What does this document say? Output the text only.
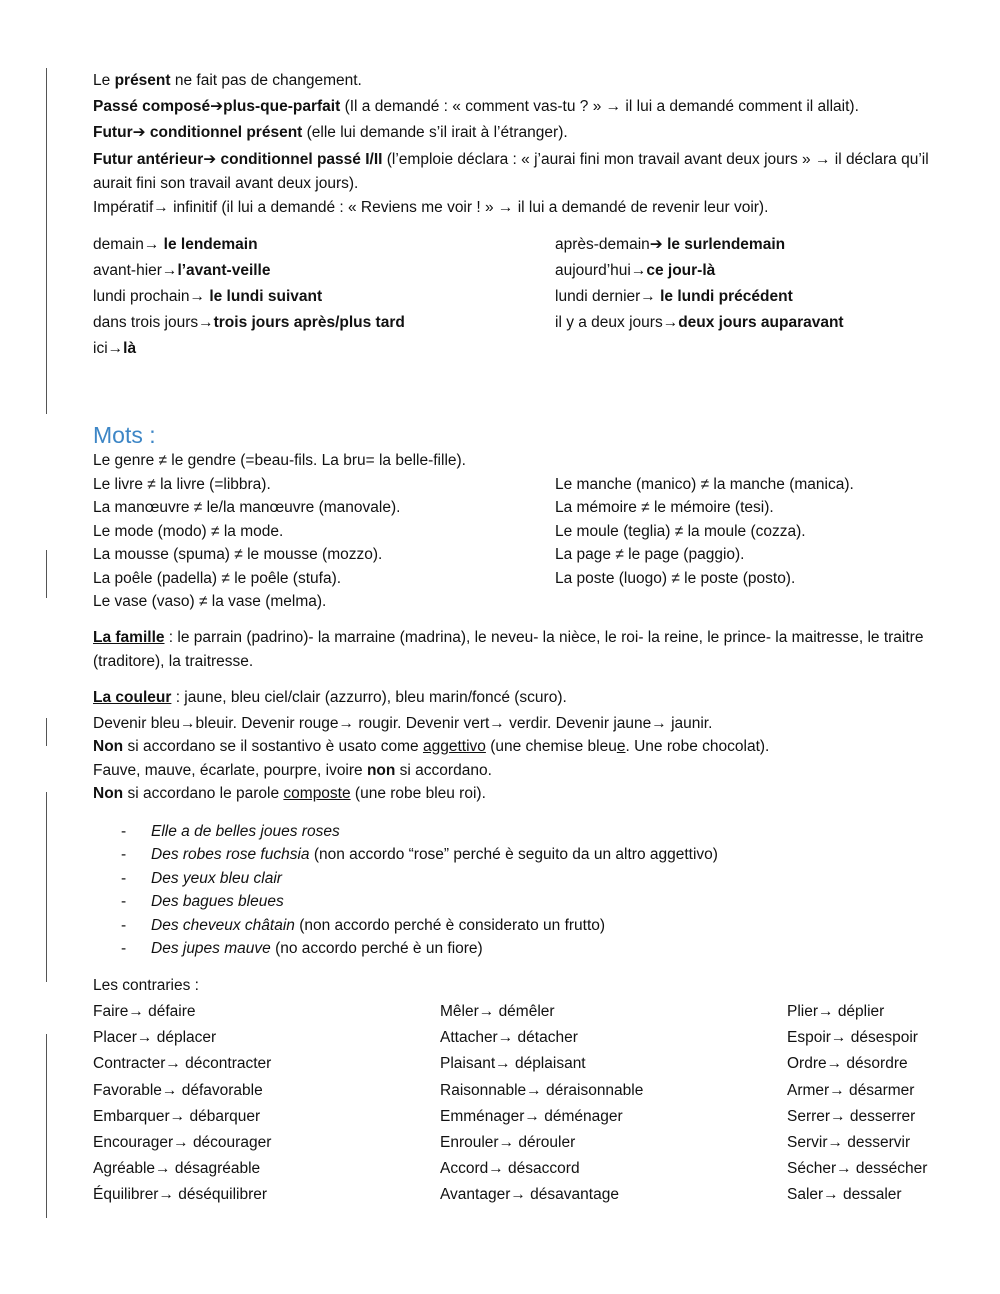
Le présent ne fait pas de changement.

Passé composé➔plus-que-parfait (Il a demandé : « comment vas-tu ? » → il lui a demandé comment il allait).

Futur➔ conditionnel présent (elle lui demande s’il irait à l’étranger).

Futur antérieur➔ conditionnel passé I/II (l’emploie déclara : « j’aurai fini mon travail avant deux jours » → il déclara qu’il aurait fini son travail avant deux jours).

Impératif→ infinitif (il lui a demandé : « Reviens me voir ! » → il lui a demandé de revenir leur voir).

demain→ le lendemain	après-demain➔ le surlendemain
avant-hier→l’avant-veille	aujourd’hui→ce jour-là
lundi prochain→ le lundi suivant	lundi dernier→ le lundi précédent
dans trois jours→trois jours après/plus tard	il y a deux jours→deux jours auparavant
ici→là
Mots :

Le genre ≠ le gendre (=beau-fils. La bru= la belle-fille).

Le livre ≠ la livre (=libbra).	Le manche (manico) ≠ la manche (manica).
La manœuvre ≠ le/la manœuvre (manovale).	La mémoire ≠ le mémoire (tesi).
Le mode (modo) ≠ la mode.	Le moule (teglia) ≠ la moule (cozza).
La mousse (spuma) ≠ le mousse (mozzo).	La page ≠ le page (paggio).
La poêle (padella) ≠ le poêle (stufa).	La poste (luogo) ≠ le poste (posto).
Le vase (vaso) ≠ la vase (melma).

La famille : le parrain (padrino)- la marraine (madrina), le neveu- la nièce, le roi- la reine, le prince- la maitresse, le traitre (traditore), la traitresse.

La couleur : jaune, bleu ciel/clair (azzurro), bleu marin/foncé (scuro).

Devenir bleu→bleuir. Devenir rouge→ rougir. Devenir vert→ verdir. Devenir jaune→ jaunir.

Non si accordano se il sostantivo è usato come aggettivo (une chemise bleue. Une robe chocolat).

Fauve, mauve, écarlate, pourpre, ivoire non si accordano.

Non si accordano le parole composte (une robe bleu roi).

- Elle a de belles joues roses
- Des robes rose fuchsia (non accordo “rose” perché è seguito da un altro aggettivo)
- Des yeux bleu clair
- Des bagues bleues
- Des cheveux châtain (non accordo perché è considerato un frutto)
- Des jupes mauve (no accordo perché è un fiore)

Les contraries :

Faire→ défaire	Mêler→ démêler	Plier→ déplier
Placer→ déplacer	Attacher→ détacher	Espoir→ désespoir
Contracter→ décontracter	Plaisant→ déplaisant	Ordre→ désordre
Favorable→ défavorable	Raisonnable→ déraisonnable	Armer→ désarmer
Embarquer→ débarquer	Emménager→ déménager	Serrer→ desserrer
Encourager→ décourager	Enrouler→ dérouler	Servir→ desservir
Agréable→ désagréable	Accord→ désaccord	Sécher→ dessécher
Équilibrer→ déséquilibrer	Avantager→ désavantage	Saler→ dessaler
